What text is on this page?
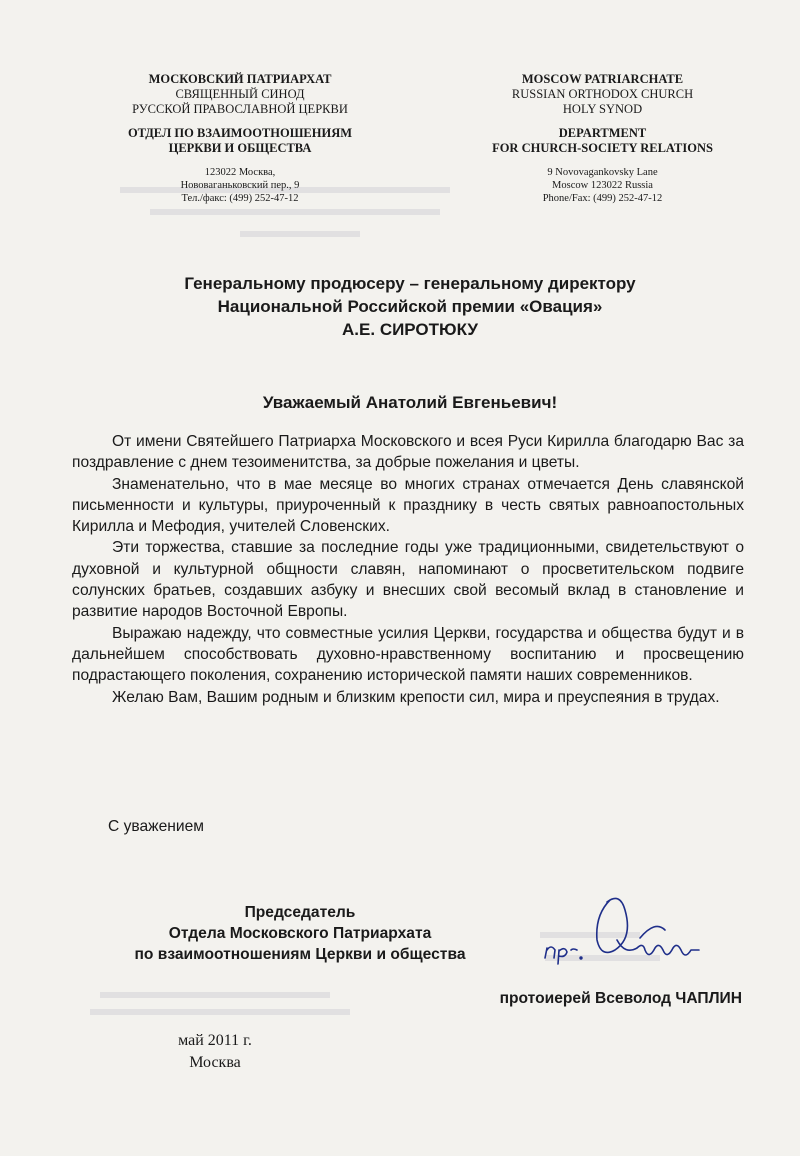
МОСКОВСКИЙ ПАТРИАРХАТ
СВЯЩЕННЫЙ СИНОД
РУССКОЙ ПРАВОСЛАВНОЙ ЦЕРКВИ
ОТДЕЛ ПО ВЗАИМООТНОШЕНИЯМ
ЦЕРКВИ И ОБЩЕСТВА
123022 Москва,
Нововаганьковский пер., 9
Тел./факс: (499) 252-47-12
MOSCOW PATRIARCHATE
RUSSIAN ORTHODOX CHURCH
HOLY SYNOD
DEPARTMENT
FOR CHURCH-SOCIETY RELATIONS
9 Novovagankovsky Lane
Moscow 123022 Russia
Phone/Fax: (499) 252-47-12
Генеральному продюсеру – генеральному директору
Национальной Российской премии «Овация»
А.Е. СИРОТЮКУ
Уважаемый Анатолий Евгеньевич!

От имени Святейшего Патриарха Московского и всея Руси Кирилла благодарю Вас за поздравление с днем тезоименитства, за добрые пожелания и цветы.

Знаменательно, что в мае месяце во многих странах отмечается День славянской письменности и культуры, приуроченный к празднику в честь святых равноапостольных Кирилла и Мефодия, учителей Словенских.

Эти торжества, ставшие за последние годы уже традиционными, свидетельствуют о духовной и культурной общности славян, напоминают о просветительском подвиге солунских братьев, создавших азбуку и внесших свой весомый вклад в становление и развитие народов Восточной Европы.

Выражаю надежду, что совместные усилия Церкви, государства и общества будут и в дальнейшем способствовать духовно-нравственному воспитанию и просвещению подрастающего поколения, сохранению исторической памяти наших современников.

Желаю Вам, Вашим родным и близким крепости сил, мира и преуспеяния в трудах.

С уважением
Председатель
Отдела Московского Патриархата
по взаимоотношениям Церкви и общества
протоиерей Всеволод ЧАПЛИН
май 2011 г.
Москва
